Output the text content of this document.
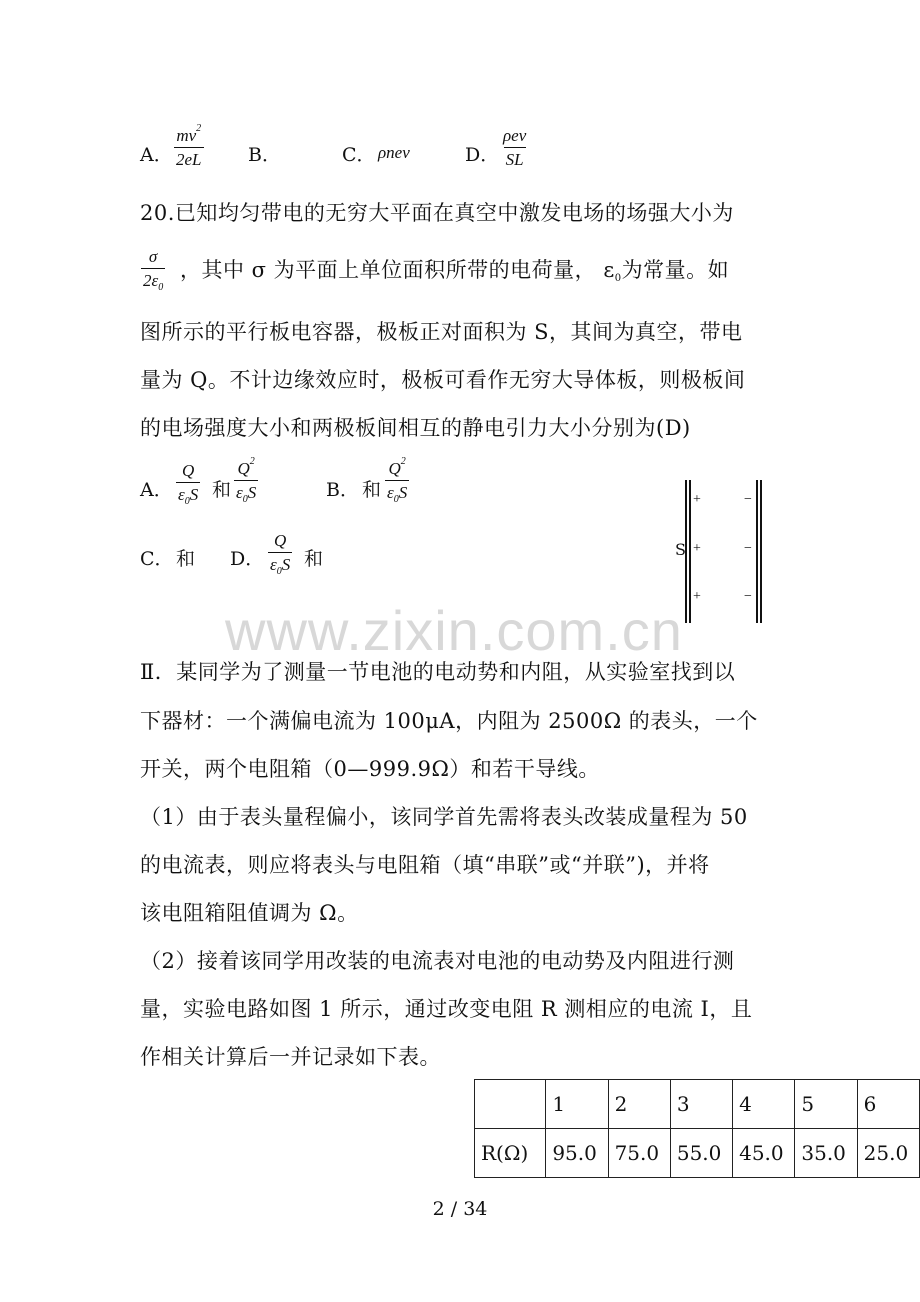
A． $\frac{mv^2}{2eL}$ B．	C． ρnev	D．
ρev
SL
20.已知均匀带电的无穷大平面在真空中激发电场的场强大小为
$\frac{\sigma}{2\varepsilon_0}$ ，其中 σ 为平面上单位面积所带的电荷量， ε0为常量。如
图所示的平行板电容器，极板正对面积为 S，其间为真空，带电
量为 Q。不计边缘效应时，极板可看作无穷大导体板，则极板间
的电场强度大小和两极板间相互的静电引力大小分别为(D)
A． $\frac{Q}{\varepsilon_0S}$ 和 $\frac{Q^2}{\varepsilon_0S}$	B． 和 $\frac{Q^2}{\varepsilon_0S}$
C． 和 D． $\frac{Q}{\varepsilon_0S}$ 和	S
+
+
+
−
−
−
www.zixin.com.cn
Ⅱ．某同学为了测量一节电池的电动势和内阻，从实验室找到以
下器材：一个满偏电流为 100μA，内阻为 2500Ω 的表头，一个
开关，两个电阻箱（0—999.9Ω）和若干导线。
（1）由于表头量程偏小，该同学首先需将表头改装成量程为 50
的电流表，则应将表头与电阻箱（填“串联”或“并联”)，并将
该电阻箱阻值调为 Ω。
（2）接着该同学用改装的电流表对电池的电动势及内阻进行测
量，实验电路如图 1 所示，通过改变电阻 R 测相应的电流 I，且
作相关计算后一并记录如下表。
	1	2	3	4	5	6
R(Ω)	95.0	75.0	55.0	45.0	35.0	25.0
2 / 34
